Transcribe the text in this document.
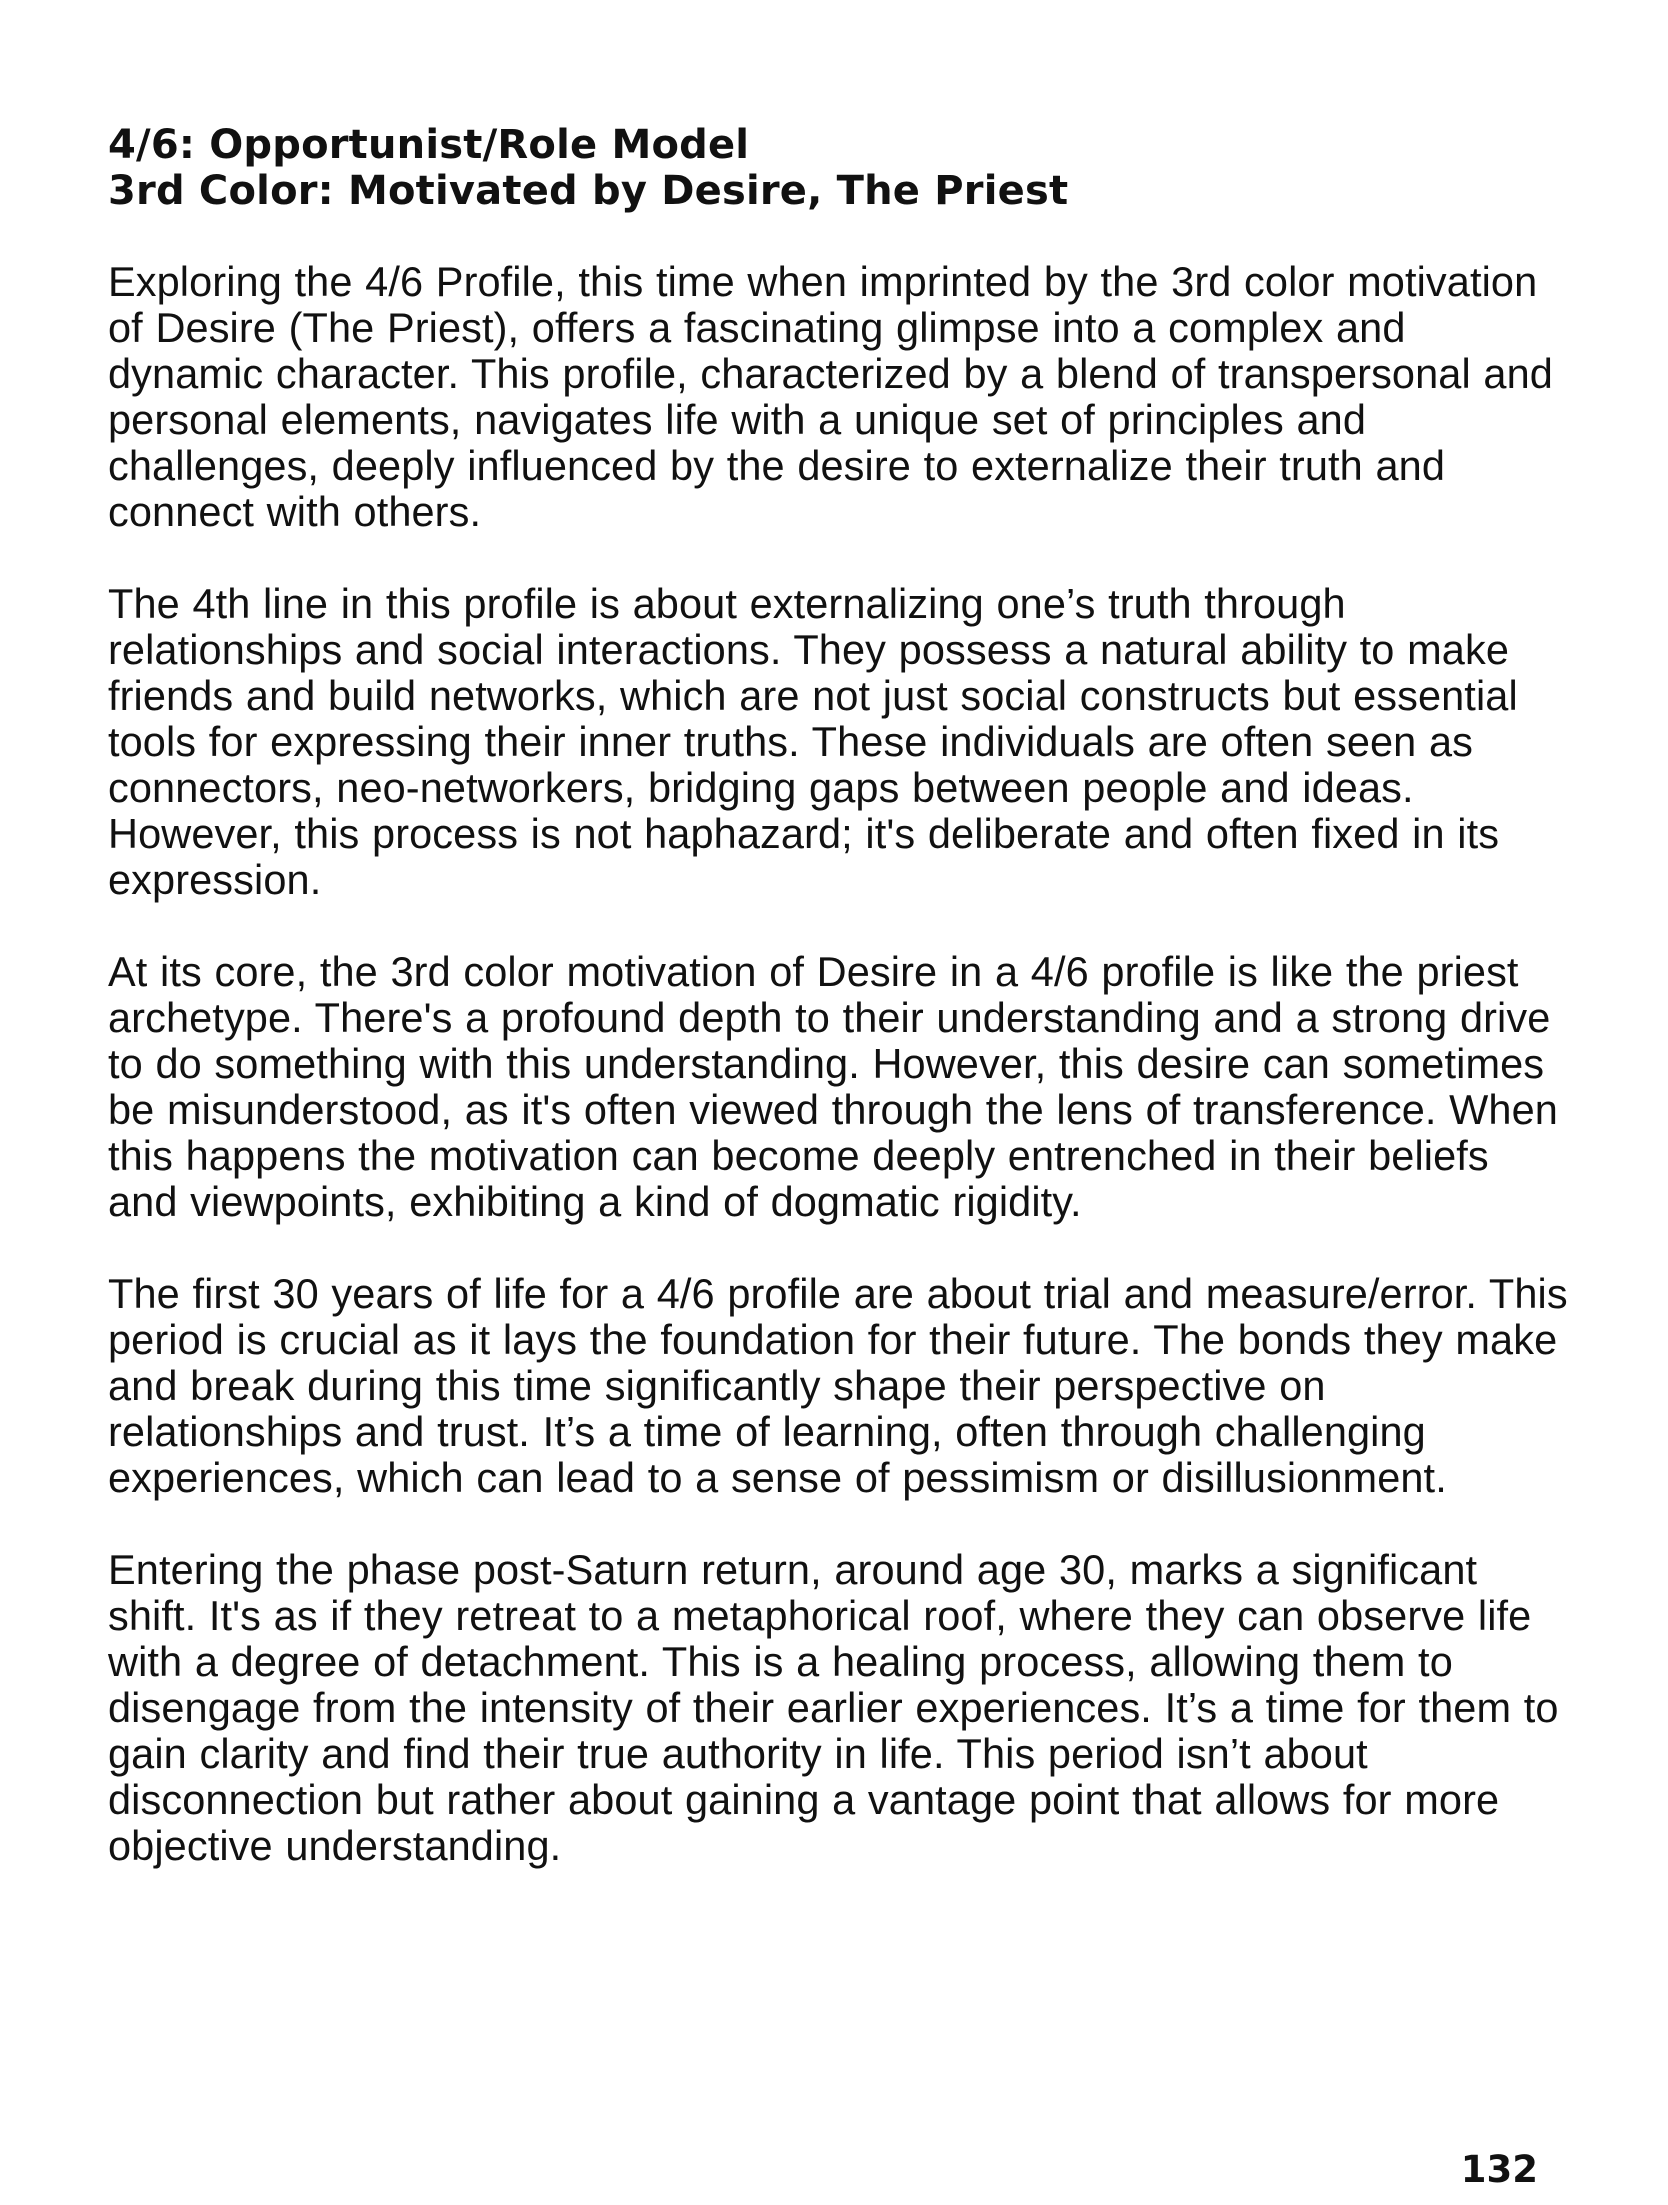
4/6: Opportunist/Role Model
3rd Color: Motivated by Desire, The Priest

Exploring the 4/6 Profile, this time when imprinted by the 3rd color motivation of Desire (The Priest), offers a fascinating glimpse into a complex and dynamic character. This profile, characterized by a blend of transpersonal and personal elements, navigates life with a unique set of principles and challenges, deeply influenced by the desire to externalize their truth and connect with others.

The 4th line in this profile is about externalizing one’s truth through relationships and social interactions. They possess a natural ability to make friends and build networks, which are not just social constructs but essential tools for expressing their inner truths. These individuals are often seen as connectors, neo-networkers, bridging gaps between people and ideas. However, this process is not haphazard; it's deliberate and often fixed in its expression.

At its core, the 3rd color motivation of Desire in a 4/6 profile is like the priest archetype. There's a profound depth to their understanding and a strong drive to do something with this understanding. However, this desire can sometimes be misunderstood, as it's often viewed through the lens of transference. When this happens the motivation can become deeply entrenched in their beliefs and viewpoints, exhibiting a kind of dogmatic rigidity.

The first 30 years of life for a 4/6 profile are about trial and measure/error. This period is crucial as it lays the foundation for their future. The bonds they make and break during this time significantly shape their perspective on relationships and trust. It’s a time of learning, often through challenging experiences, which can lead to a sense of pessimism or disillusionment.

Entering the phase post-Saturn return, around age 30, marks a significant shift. It's as if they retreat to a metaphorical roof, where they can observe life with a degree of detachment. This is a healing process, allowing them to disengage from the intensity of their earlier experiences. It’s a time for them to gain clarity and find their true authority in life. This period isn’t about disconnection but rather about gaining a vantage point that allows for more objective understanding.

132
